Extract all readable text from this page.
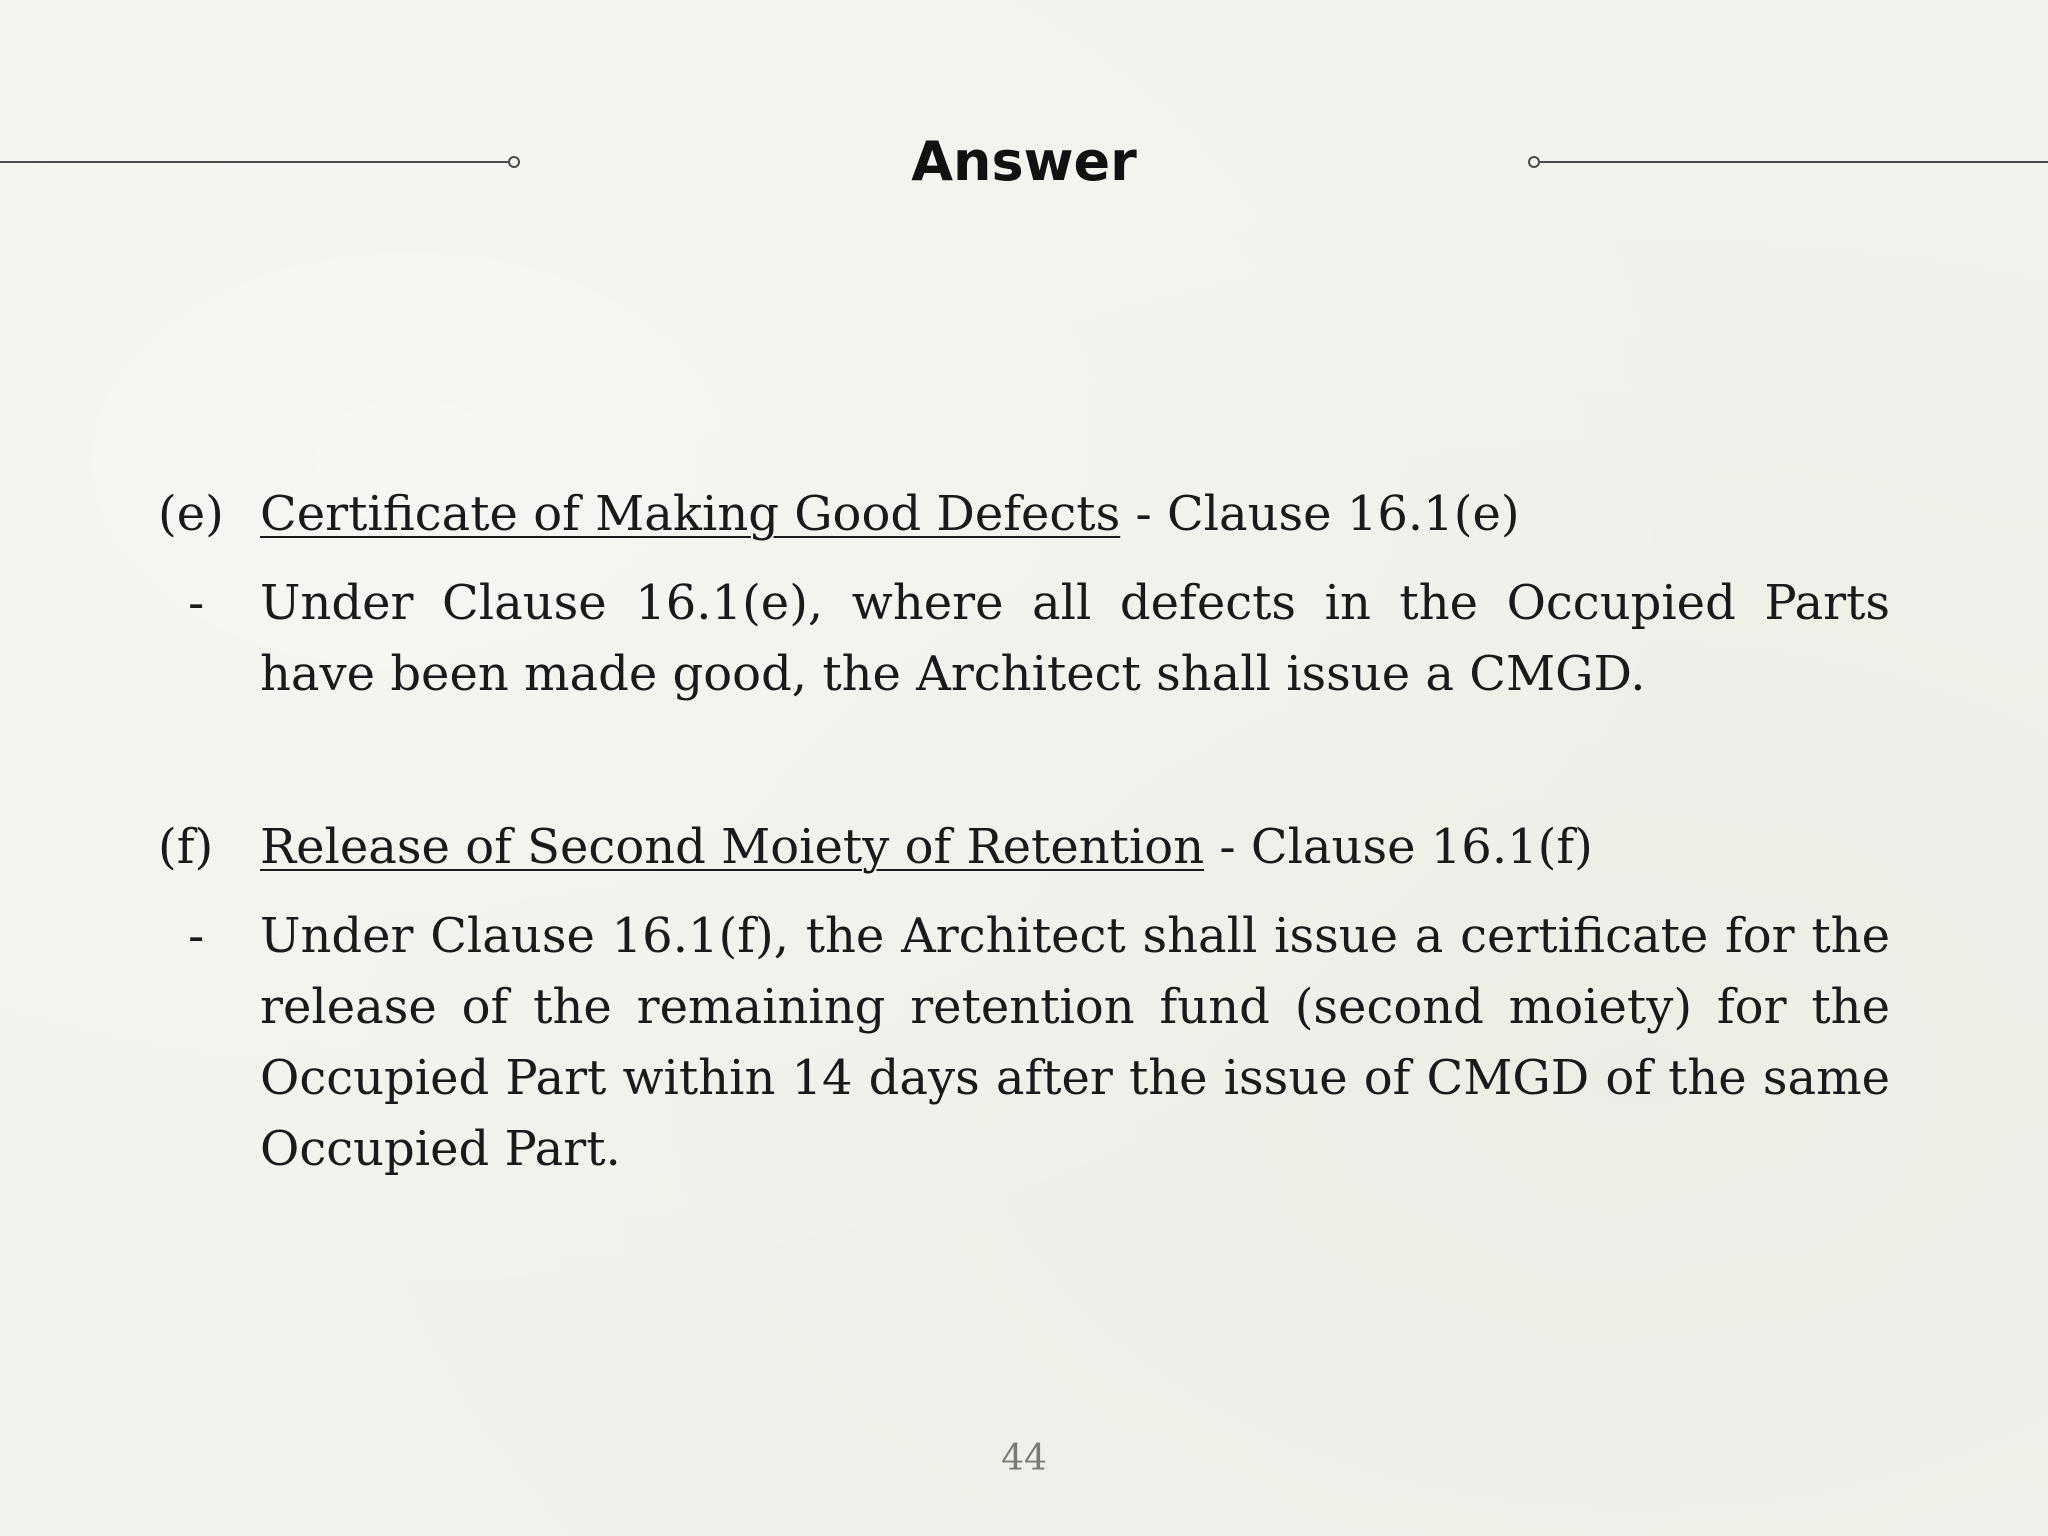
Answer
(e) Certificate of Making Good Defects - Clause 16.1(e)
-	Under Clause 16.1(e), where all defects in the Occupied Parts have been made good, the Architect shall issue a CMGD.
(f) Release of Second Moiety of Retention - Clause 16.1(f)
-	Under Clause 16.1(f), the Architect shall issue a certificate for the release of the remaining retention fund (second moiety) for the Occupied Part within 14 days after the issue of CMGD of the same Occupied Part.
44
